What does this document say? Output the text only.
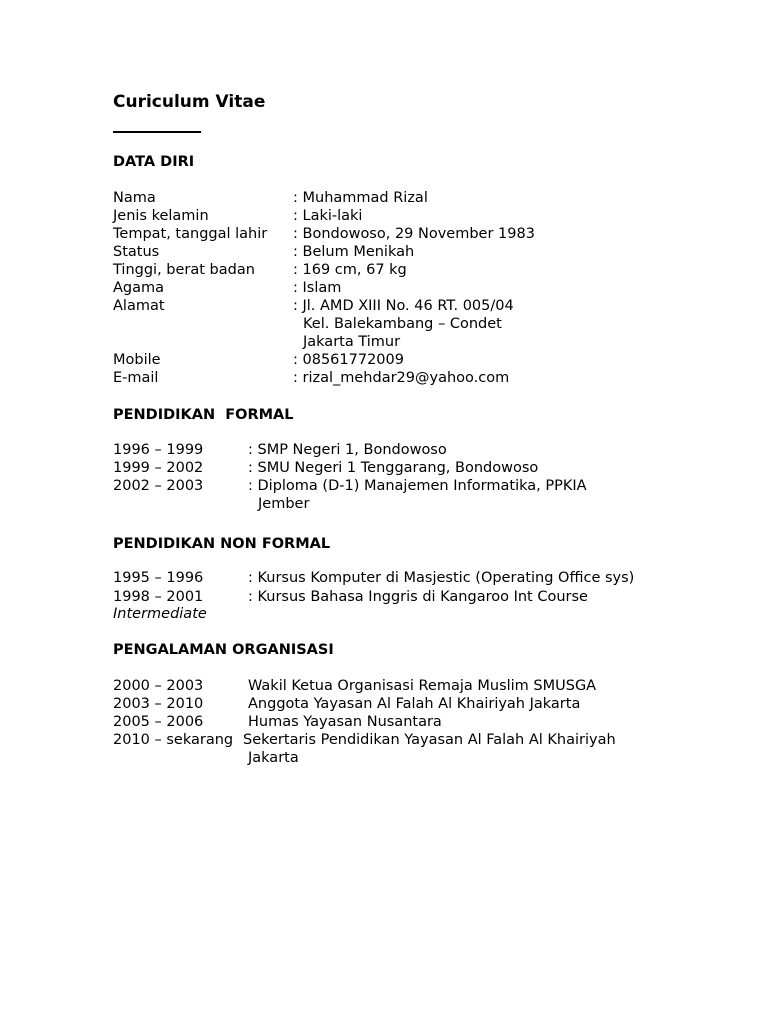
Curiculum Vitae
DATA DIRI
Nama	: Muhammad Rizal
Jenis kelamin	: Laki-laki
Tempat, tanggal lahir : Bondowoso, 29 November 1983
Status	: Belum Menikah
Tinggi, berat badan	: 169 cm, 67 kg
Agama	: Islam
Alamat	: Jl. AMD XIII No. 46 RT. 005/04
Kel. Balekambang – Condet
Jakarta Timur
Mobile	: 08561772009
E-mail	: rizal_mehdar29@yahoo.com
PENDIDIKAN  FORMAL
1996 – 1999	: SMP Negeri 1, Bondowoso
1999 – 2002	: SMU Negeri 1 Tenggarang, Bondowoso
2002 – 2003	: Diploma (D-1) Manajemen Informatika, PPKIA
Jember
PENDIDIKAN NON FORMAL
1995 – 1996	: Kursus Komputer di Masjestic (Operating Office sys)
1998 – 2001	: Kursus Bahasa Inggris di Kangaroo Int Course
Intermediate
PENGALAMAN ORGANISASI
2000 – 2003	Wakil Ketua Organisasi Remaja Muslim SMUSGA
2003 – 2010	Anggota Yayasan Al Falah Al Khairiyah Jakarta
2005 – 2006	Humas Yayasan Nusantara
2010 – sekarang Sekertaris Pendidikan Yayasan Al Falah Al Khairiyah
Jakarta
